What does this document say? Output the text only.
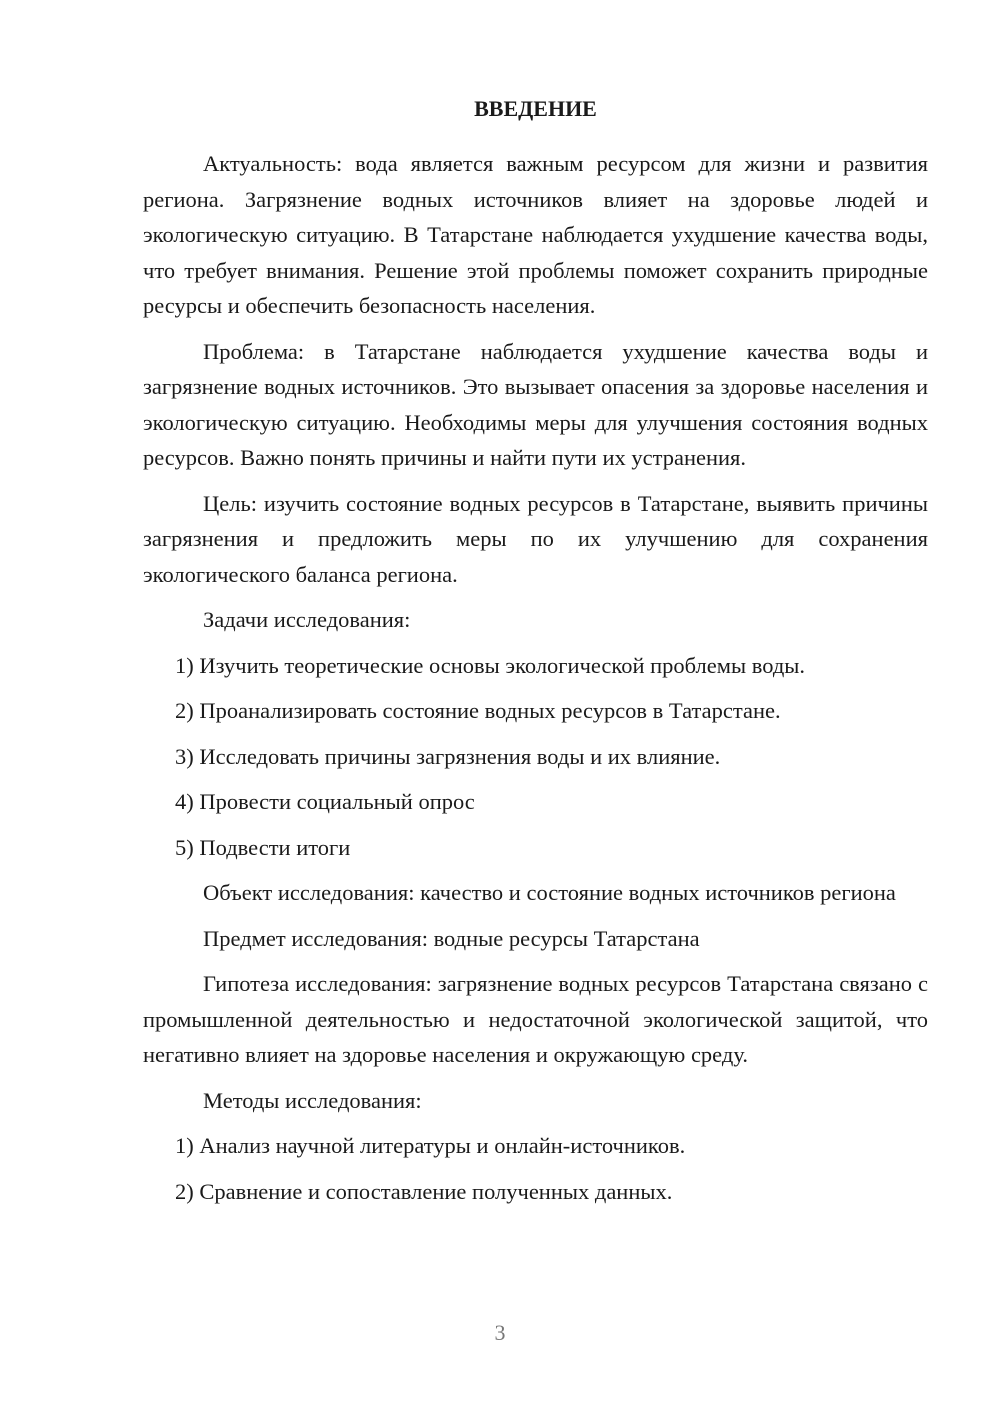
ВВЕДЕНИЕ

Актуальность: вода является важным ресурсом для жизни и развития региона. Загрязнение водных источников влияет на здоровье людей и экологическую ситуацию. В Татарстане наблюдается ухудшение качества воды, что требует внимания. Решение этой проблемы поможет сохранить природные ресурсы и обеспечить безопасность населения.

Проблема: в Татарстане наблюдается ухудшение качества воды и загрязнение водных источников. Это вызывает опасения за здоровье населения и экологическую ситуацию. Необходимы меры для улучшения состояния водных ресурсов. Важно понять причины и найти пути их устранения.

Цель: изучить состояние водных ресурсов в Татарстане, выявить причины загрязнения и предложить меры по их улучшению для сохранения экологического баланса региона.

Задачи исследования:

1) Изучить теоретические основы экологической проблемы воды.
2) Проанализировать состояние водных ресурсов в Татарстане.
3) Исследовать причины загрязнения воды и их влияние.
4) Провести социальный опрос
5) Подвести итоги

Объект исследования: качество и состояние водных источников региона

Предмет исследования: водные ресурсы Татарстана

Гипотеза исследования: загрязнение водных ресурсов Татарстана связано с промышленной деятельностью и недостаточной экологической защитой, что негативно влияет на здоровье населения и окружающую среду.

Методы исследования:

1) Анализ научной литературы и онлайн-источников.
2) Сравнение и сопоставление полученных данных.
3
